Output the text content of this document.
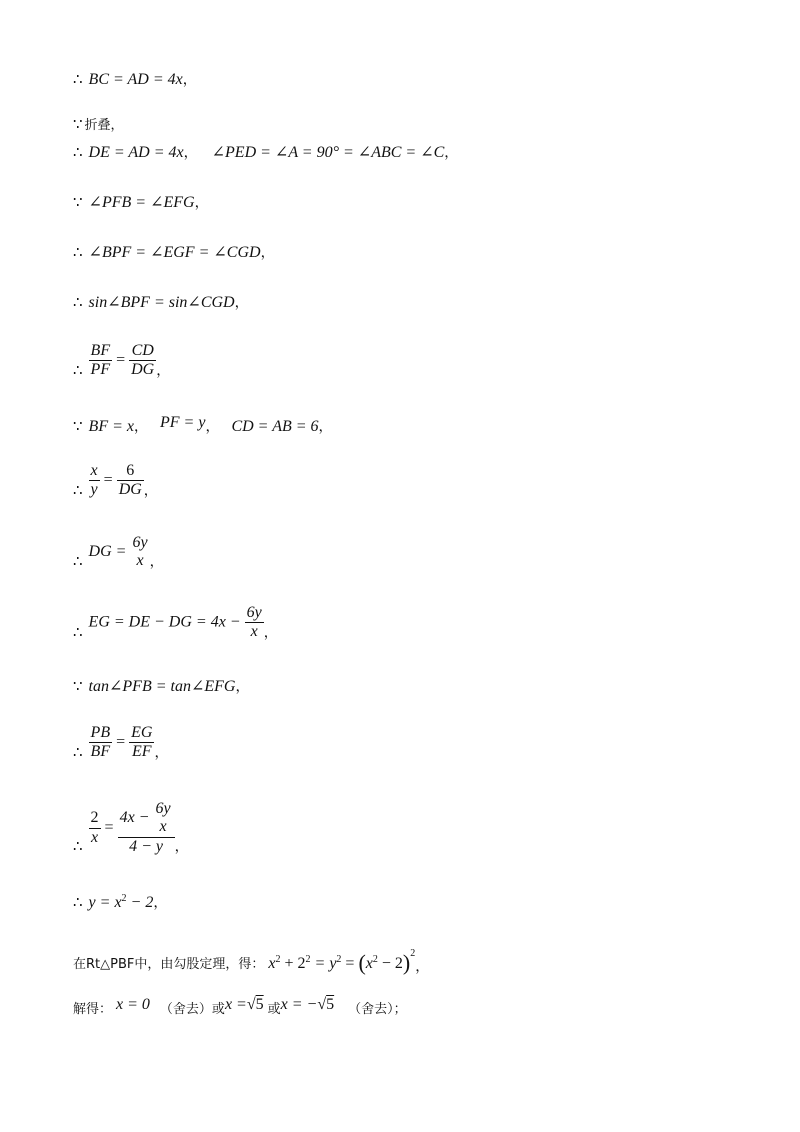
∴ BC = AD = 4x，
∵ 折叠，
∴ DE = AD = 4x， ∠PED = ∠A = 90° = ∠ABC = ∠C，
∵ ∠PFB = ∠EFG，
∴ ∠BPF = ∠EGF = ∠CGD，
∴ sin∠BPF = sin∠CGD，
∴ $\frac{BF}{PF} = \frac{CD}{DG}$ ，
∵ BF = x， PF = y， CD = AB = 6，
∴ $\frac{x}{y} = \frac{6}{DG}$ ，
∴ DG =
6y
x ，
∴ EG = DE − DG = $4x - \frac{6y}{x}$ ，
∵ tan∠PFB = tan∠EFG，
∴ $\frac{PB}{BF} = \frac{EG}{EF}$ ，
∴
$\frac{2}{x} = 4x$ −
6y
x
4 − y ，
∴ $y = x^2 - 2$，
在Rt△PBF中，由勾股定理，得： $x^2 + 2^2 = y^2 = (x^2 - 2)^2$，
解得： x = 0 （舍去）或x =√5 或x = −√5 （舍去）；
